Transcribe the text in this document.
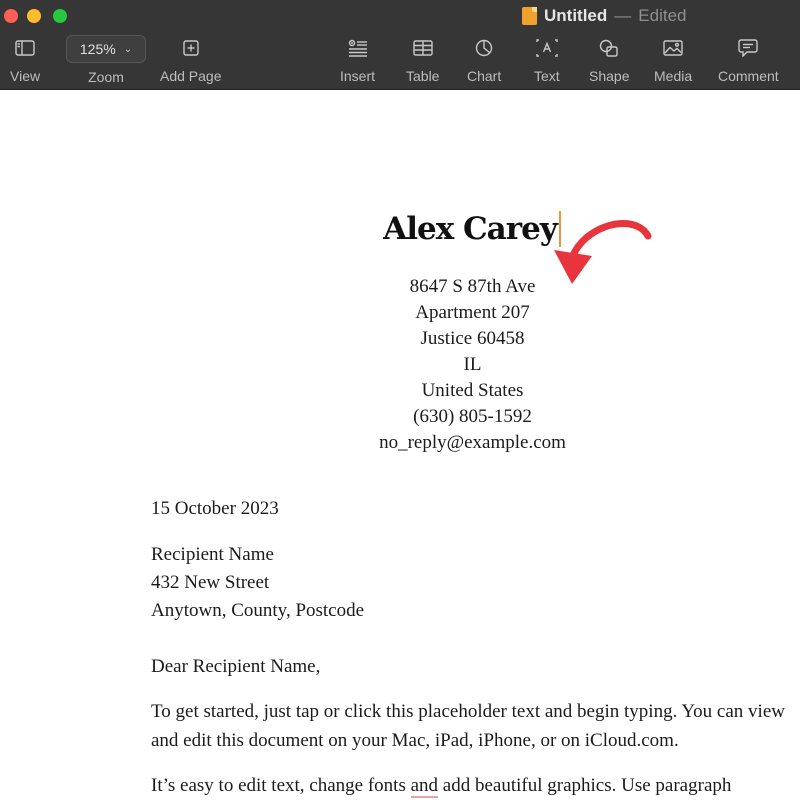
Untitled — Edited
View
125% ⌄
Zoom	Add Page	Insert Table Chart Text Shape Media Comment
Alex Carey
8647 S 87th Ave
Apartment 207
Justice 60458
IL
United States
(630) 805-1592
no_reply@example.com
15 October 2023
Recipient Name
432 New Street
Anytown, County, Postcode
Dear Recipient Name,
To get started, just tap or click this placeholder text and begin typing. You can view and edit this document on your Mac, iPad, iPhone, or on iCloud.com.
It’s easy to edit text, change fonts and add beautiful graphics. Use paragraph
